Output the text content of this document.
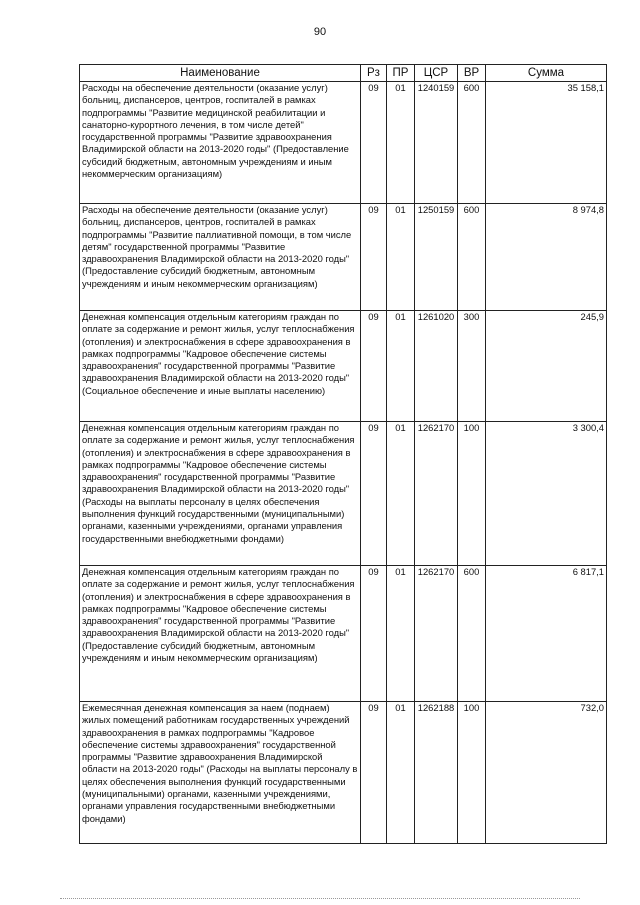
90
Наименование	Рз	ПР	ЦСР	ВР	Сумма
Расходы на обеспечение деятельности (оказание услуг) больниц, диспансеров, центров, госпиталей в рамках подпрограммы "Развитие медицинской реабилитации и санаторно-курортного лечения, в том числе детей" государственной программы "Развитие здравоохранения Владимирской области на 2013-2020 годы" (Предоставление субсидий бюджетным, автономным учреждениям и иным некоммерческим организациям)	09	01	1240159	600	35 158,1
Расходы на обеспечение деятельности (оказание услуг) больниц, диспансеров, центров, госпиталей в рамках подпрограммы "Развитие паллиативной помощи, в том числе детям" государственной программы "Развитие здравоохранения Владимирской области на 2013-2020 годы" (Предоставление субсидий бюджетным, автономным учреждениям и иным некоммерческим организациям)	09	01	1250159	600	8 974,8
Денежная компенсация отдельным категориям граждан по оплате за содержание и ремонт жилья, услуг теплоснабжения (отопления) и электроснабжения в сфере здравоохранения в рамках подпрограммы "Кадровое обеспечение системы здравоохранения" государственной программы "Развитие здравоохранения Владимирской области на 2013-2020 годы" (Социальное обеспечение и иные выплаты населению)	09	01	1261020	300	245,9
Денежная компенсация отдельным категориям граждан по оплате за содержание и ремонт жилья, услуг теплоснабжения (отопления) и электроснабжения в сфере здравоохранения в рамках подпрограммы "Кадровое обеспечение системы здравоохранения" государственной программы "Развитие здравоохранения Владимирской области на 2013-2020 годы" (Расходы на выплаты персоналу в целях обеспечения выполнения функций государственными (муниципальными) органами, казенными учреждениями, органами управления государственными внебюджетными фондами)	09	01	1262170	100	3 300,4
Денежная компенсация отдельным категориям граждан по оплате за содержание и ремонт жилья, услуг теплоснабжения (отопления) и электроснабжения в сфере здравоохранения в рамках подпрограммы "Кадровое обеспечение системы здравоохранения" государственной программы "Развитие здравоохранения Владимирской области на 2013-2020 годы" (Предоставление субсидий бюджетным, автономным учреждениям и иным некоммерческим организациям)	09	01	1262170	600	6 817,1
Ежемесячная денежная компенсация за наем (поднаем) жилых помещений работникам государственных учреждений здравоохранения в рамках подпрограммы "Кадровое обеспечение системы здравоохранения" государственной программы "Развитие здравоохранения Владимирской области на 2013-2020 годы" (Расходы на выплаты персоналу в целях обеспечения выполнения функций государственными (муниципальными) органами, казенными учреждениями, органами управления государственными внебюджетными фондами)	09	01	1262188	100	732,0
